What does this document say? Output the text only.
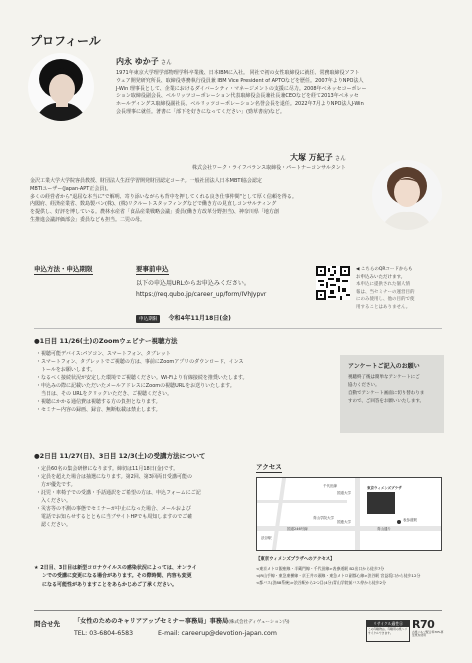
プロフィール
内永 ゆか子 さん
1971年東京大学理学部物理学科卒業後、日本IBMに入社。 同社で初の女性取締役に就任、常務取締役ソフト
ウェア開発研究所長、取締役専務執行役員兼 IBM Vice President of APTOなどを歴任。2007年よりNPO法人
J-Win 理事長として、企業におけるダイバーシティ・マネージメントの支援に尽力。2008年ベネッセコーポレー
ション取締役副会長、ベルリッツコーポレーション代表取締役会長兼社長兼CEOなどを経て2013年ベネッセ
ホールディングス取締役副社長、ベルリッツコーポレーション名誉会長を退任。2022年7月よりNPO法人J-Win
会長理事に就任。著書に「部下を好きになってください」(勁草書房)など。
大塚 万紀子 さん
株式会社ワーク・ライフバランス取締役・パートナーコンサルタント
金沢工業大学大学院客員教授、財団法人生涯学習開発財団認定コーチ。一般社団法人日本MBTI協会認定
MBTIユーザー(Japan-APT正会員)。
多くの経営者から"退屈な本当に"で解明、寄り添いながらも背中を押してくれる良き仕事仲間"として厚く信頼を得る。
内閣府、経済産業省、数島製バン(株)、(株)リクルートスタッフィングなどで働き方の見直しコンサルティング
を提供し、好評を博している。農林水産省「食品産業戦略会議」委員(働き方改革分野担当)、神奈川県「地方創
生推進会議評価部会」委員なども担当。二児の母。
申込方法・申込期限	要事前申込
以下の申込用URLからお申込みください。
https://req.qubo.jp/career_up/form/IVhJypvr
申込期限 令和4年11月18日(金)
◀ こちらのQRコードからも
お申込みいただけます。
本申込に提供された個人情
報は、当セミナーの運営目的
にのみ使用し、他の目的で使
用することはありません。
●1日目 11/26(土)のZoomウェビナー視聴方法
・視聴可能デバイス:パソコン、スマートフォン、タブレット
・スマートフォン、タブレットでご視聴の方は、事前にZoomアプリのダウンロード、インス
　トールをお願いします。
・なるべく接続状況が安定した環境でご視聴ください。Wi-Fiより有線接続を推奨いたします。
・申込みの際に記載いただいたメールアドレスにZoomの視聴URLをお送りいたします。
　当日は、その URLをクリックいただき、ご視聴ください。
・視聴にかかる通信費は視聴する方の負担となります。
・セミナー内容の録画、録音、無断転載は禁止します。
アンケートご記入のお願い
視聴終了後は簡単なアンケートにご
協力ください。
自動でアンケート画面に切り替わりま
すので、ご回答をお願いいたします。
●2日目 11/27(日)、3日目 12/3(土)の受講方法について
・定員60名の集会研修になります。締切は11月18日(金)です。
・定員を超えた場合は抽選になります。第2回、第3回両日受講可能の
　方が優先です。
・託児・車椅子での受講・手話通訳をご希望の方は、申込フォームにご記
　入ください。
・災害等の不測の事態でセミナーが中止になった場合、メールおよび
　電話でお知らせするとともに当ブサイトHPでも周知しますのでご確
　認ください。
★ 2日目、3日目は新型コロナウイルスの感染状況によっては、オンライ
ンでの受講に変更になる場合があります。その際時間、内容も変更
になる可能性がありますことをあらかじめご了承ください。
アクセス
千代田線
国道大学
東京ウィメンズプラザ
青山学院大学
国連大学	表参道駅
渋谷駅
青山通り
国道246号線
【東京ウィメンズプラザへのアクセス】
<東京メトロ銀座線・半蔵門線・千代田線>表参道駅 B2出口から徒歩7分
<JR山手線・東急東横線・京王井の頭線・東急メトロ副都心線>渋谷駅 宮益坂口から徒歩12分
<都バス(渋88系統)>渋谷駅から2つ目(4分)青山学院前バス停から徒歩2分
問合せ先 「女性のためのキャリアアップセミナー事務局」事務局(株式会社ディヴェーション内)
TEL: 03-6804-6583	E-mail: careerup@devotion-japan.com
リサイクル適性Ⓐ
この印刷物は、印刷用の紙へリサイクルできます。
R70
古紙パルプ配合率70%再生紙を使用
